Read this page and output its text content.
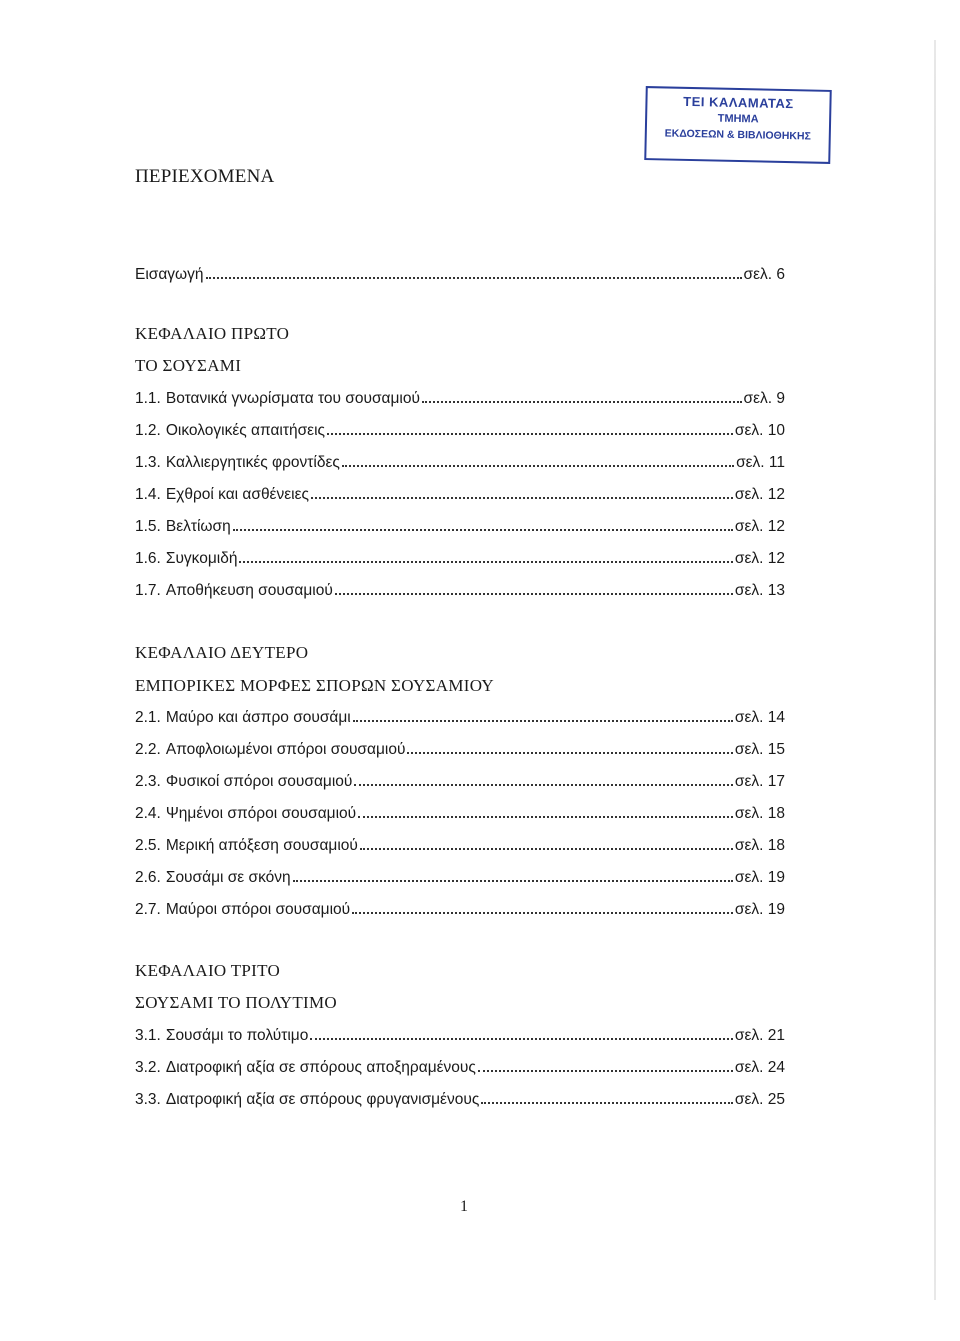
ΤΕΙ ΚΑΛΑΜΑΤΑΣ
ΤΜΗΜΑ
ΕΚΔΟΣΕΩΝ & ΒΙΒΛΙΟΘΗΚΗΣ
ΠΕΡΙΕΧΟΜΕΝΑ
Εισαγωγή	σελ. 6
ΚΕΦΑΛΑΙΟ ΠΡΩΤΟ
ΤΟ ΣΟΥΣΑΜΙ
1.1. Βοτανικά γνωρίσματα του σουσαμιού	σελ. 9
1.2. Οικολογικές απαιτήσεις	σελ. 10
1.3. Καλλιεργητικές φροντίδες	σελ. 11
1.4. Εχθροί και ασθένειες	σελ. 12
1.5. Βελτίωση	σελ. 12
1.6. Συγκομιδή	σελ. 12
1.7. Αποθήκευση σουσαμιού	σελ. 13
ΚΕΦΑΛΑΙΟ ΔΕΥΤΕΡΟ
ΕΜΠΟΡΙΚΕΣ ΜΟΡΦΕΣ ΣΠΟΡΩΝ ΣΟΥΣΑΜΙΟΥ
2.1. Μαύρο και άσπρο σουσάμι	σελ. 14
2.2. Αποφλοιωμένοι σπόροι σουσαμιού	σελ. 15
2.3. Φυσικοί σπόροι σουσαμιού	σελ. 17
2.4. Ψημένοι σπόροι σουσαμιού	σελ. 18
2.5. Μερική απόξεση σουσαμιού	σελ. 18
2.6. Σουσάμι σε σκόνη	σελ. 19
2.7. Μαύροι σπόροι σουσαμιού	σελ. 19
ΚΕΦΑΛΑΙΟ ΤΡΙΤΟ
ΣΟΥΣΑΜΙ ΤΟ ΠΟΛΥΤΙΜΟ
3.1. Σουσάμι το πολύτιμο	σελ. 21
3.2. Διατροφική αξία σε σπόρους αποξηραμένους	σελ. 24
3.3. Διατροφική αξία σε σπόρους φρυγανισμένους	σελ. 25
1
